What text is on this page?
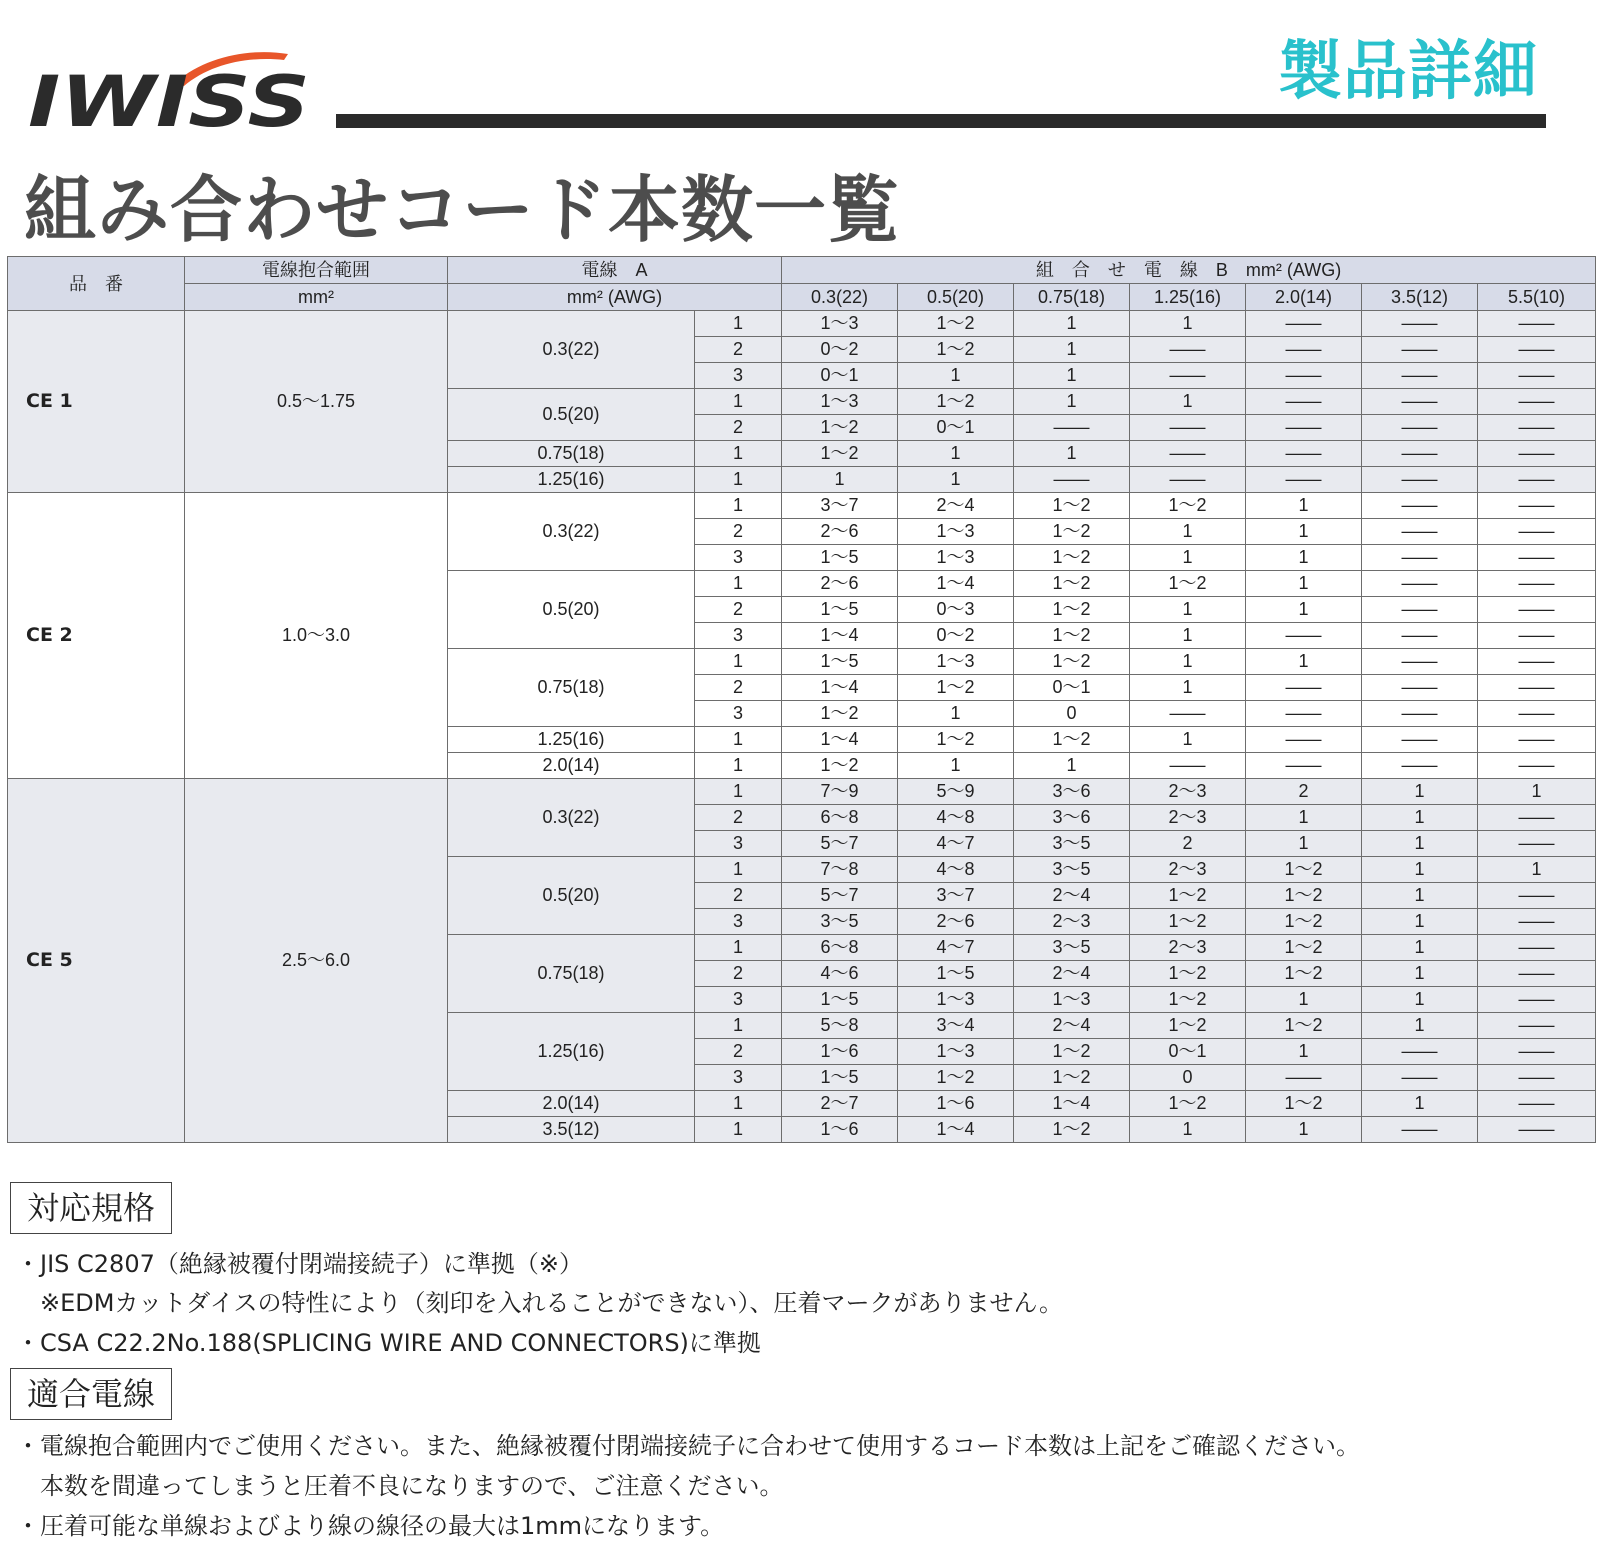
IWISS	製品詳細
組み合わせコード本数一覧
品　番	電線抱合範囲	電線　A		組　合　せ　電　線　B　mm² (AWG)						
	mm²	mm² (AWG)		0.3(22)	0.5(20)	0.75(18)	1.25(16)	2.0(14)	3.5(12)	5.5(10)
CE 1	0.5〜1.75	0.3(22)	1	1〜3	1〜2	1	1	——	——	——
			2	0〜2	1〜2	1	——	——	——	——
			3	0〜1	1	1	——	——	——	——
		0.5(20)	1	1〜3	1〜2	1	1	——	——	——
			2	1〜2	0〜1	——	——	——	——	——
		0.75(18)	1	1〜2	1	1	——	——	——	——
		1.25(16)	1	1	1	——	——	——	——	——
CE 2	1.0〜3.0	0.3(22)	1	3〜7	2〜4	1〜2	1〜2	1	——	——
			2	2〜6	1〜3	1〜2	1	1	——	——
			3	1〜5	1〜3	1〜2	1	1	——	——
		0.5(20)	1	2〜6	1〜4	1〜2	1〜2	1	——	——
			2	1〜5	0〜3	1〜2	1	1	——	——
			3	1〜4	0〜2	1〜2	1	——	——	——
		0.75(18)	1	1〜5	1〜3	1〜2	1	1	——	——
			2	1〜4	1〜2	0〜1	1	——	——	——
			3	1〜2	1	0	——	——	——	——
		1.25(16)	1	1〜4	1〜2	1〜2	1	——	——	——
		2.0(14)	1	1〜2	1	1	——	——	——	——
CE 5	2.5〜6.0	0.3(22)	1	7〜9	5〜9	3〜6	2〜3	2	1	1
			2	6〜8	4〜8	3〜6	2〜3	1	1	——
			3	5〜7	4〜7	3〜5	2	1	1	——
		0.5(20)	1	7〜8	4〜8	3〜5	2〜3	1〜2	1	1
			2	5〜7	3〜7	2〜4	1〜2	1〜2	1	——
			3	3〜5	2〜6	2〜3	1〜2	1〜2	1	——
		0.75(18)	1	6〜8	4〜7	3〜5	2〜3	1〜2	1	——
			2	4〜6	1〜5	2〜4	1〜2	1〜2	1	——
			3	1〜5	1〜3	1〜3	1〜2	1	1	——
		1.25(16)	1	5〜8	3〜4	2〜4	1〜2	1〜2	1	——
			2	1〜6	1〜3	1〜2	0〜1	1	——	——
			3	1〜5	1〜2	1〜2	0	——	——	——
		2.0(14)	1	2〜7	1〜6	1〜4	1〜2	1〜2	1	——
		3.5(12)	1	1〜6	1〜4	1〜2	1	1	——	——
対応規格
・JIS C2807（絶縁被覆付閉端接続子）に準拠（※）
　※EDMカットダイスの特性により（刻印を入れることができない）、圧着マークがありません。
・CSA C22.2No.188(SPLICING WIRE AND CONNECTORS)に準拠
適合電線
・電線抱合範囲内でご使用ください。また、絶縁被覆付閉端接続子に合わせて使用するコード本数は上記をご確認ください。
　本数を間違ってしまうと圧着不良になりますので、ご注意ください。
・圧着可能な単線およびより線の線径の最大は1mmになります。
